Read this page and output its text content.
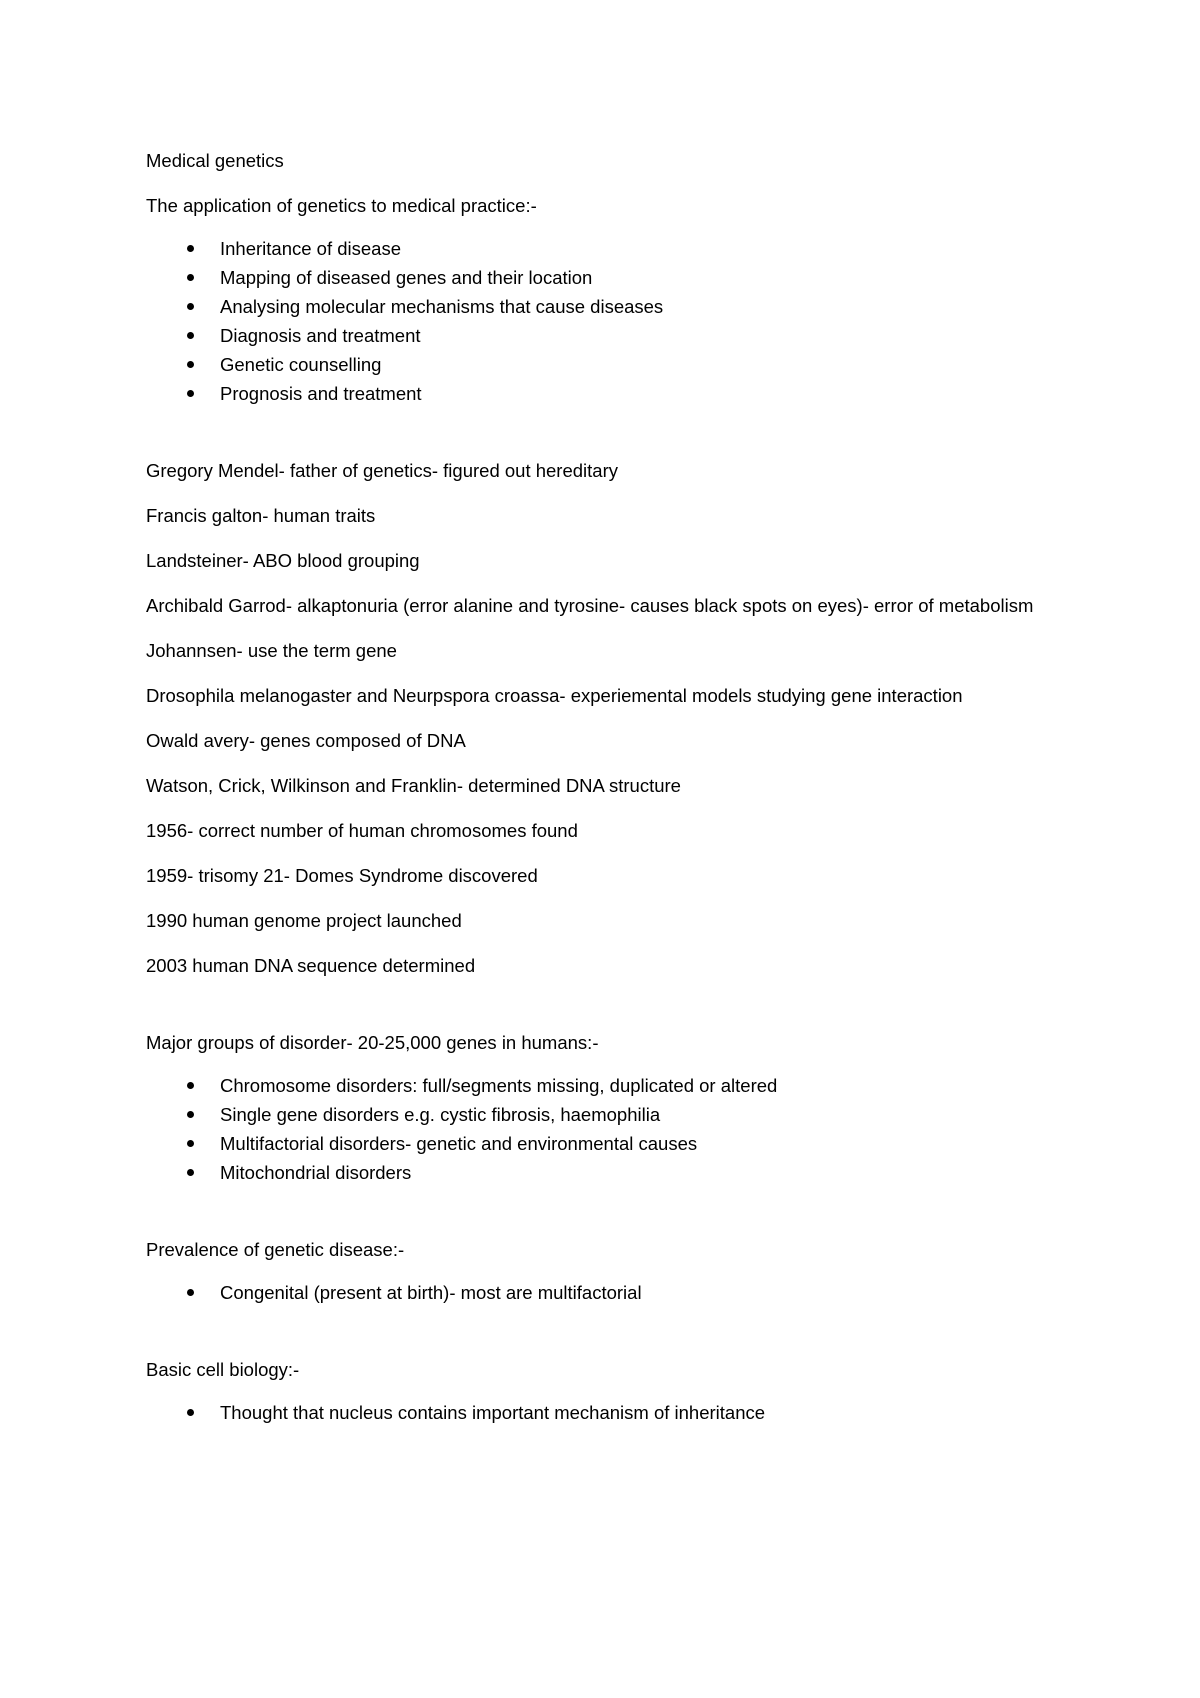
Medical genetics

The application of genetics to medical practice:-

Inheritance of disease
Mapping of diseased genes and their location
Analysing molecular mechanisms that cause diseases
Diagnosis and treatment
Genetic counselling
Prognosis and treatment

Gregory Mendel- father of genetics- figured out hereditary

Francis galton- human traits

Landsteiner- ABO blood grouping

Archibald Garrod- alkaptonuria (error alanine and tyrosine- causes black spots on eyes)- error of metabolism

Johannsen- use the term gene

Drosophila melanogaster and Neurpspora croassa- experiemental models studying gene interaction

Owald avery- genes composed of DNA

Watson, Crick, Wilkinson and Franklin- determined DNA structure

1956- correct number of human chromosomes found

1959- trisomy 21- Domes Syndrome discovered

1990 human genome project launched

2003 human DNA sequence determined

Major groups of disorder- 20-25,000 genes in humans:-

Chromosome disorders: full/segments missing, duplicated or altered
Single gene disorders e.g. cystic fibrosis, haemophilia
Multifactorial disorders- genetic and environmental causes
Mitochondrial disorders

Prevalence of genetic disease:-

Congenital (present at birth)- most are multifactorial

Basic cell biology:-

Thought that nucleus contains important mechanism of inheritance
